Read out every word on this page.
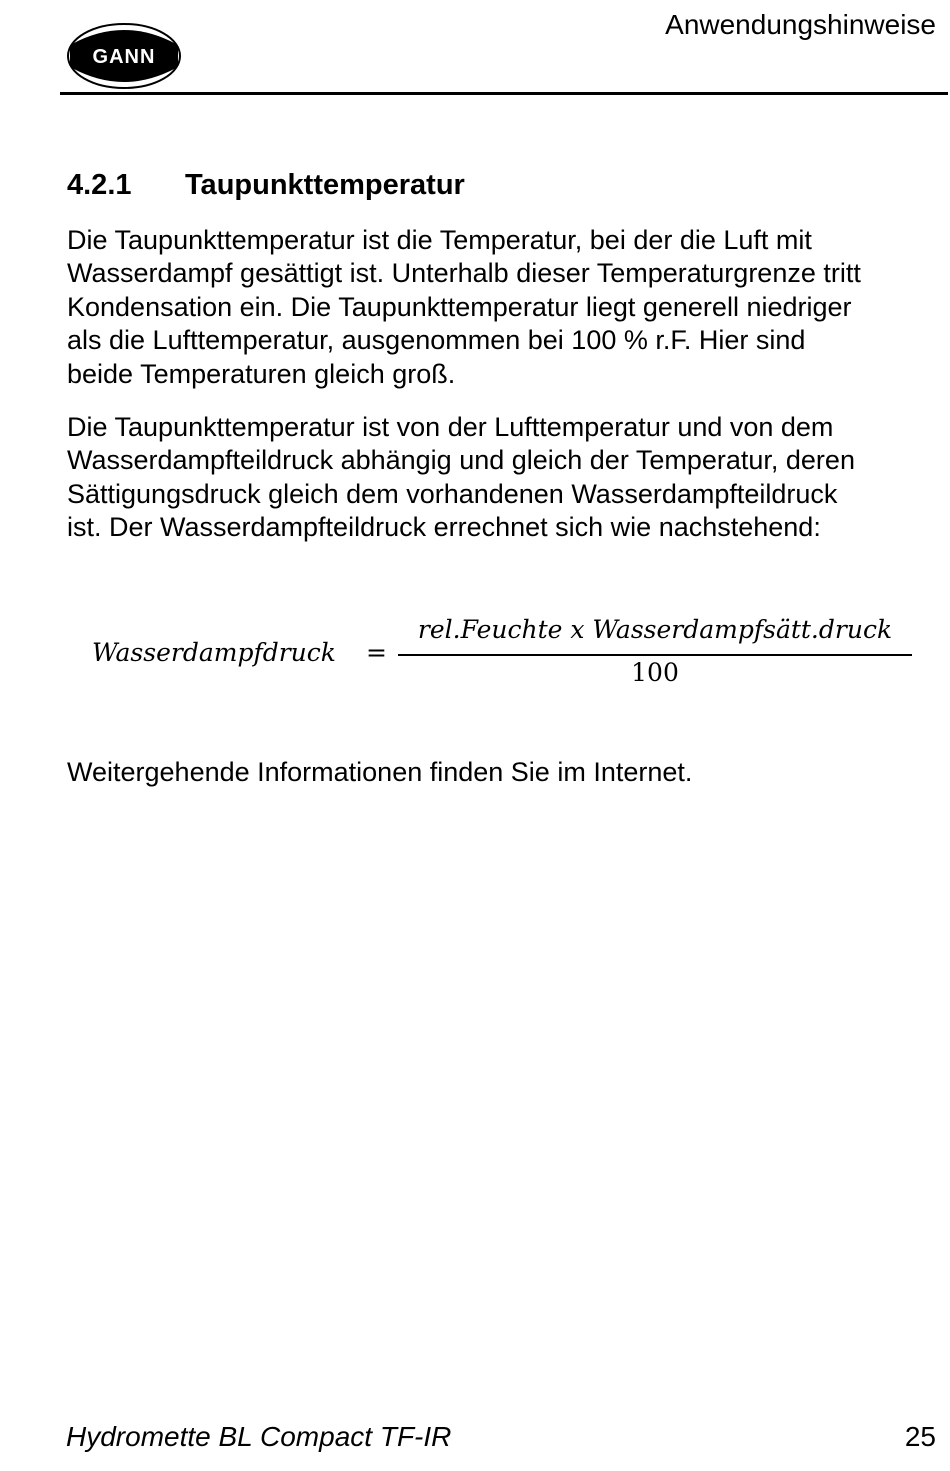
Anwendungshinweise
GANN
4.2.1 Taupunkttemperatur

Die Taupunkttemperatur ist die Temperatur, bei der die Luft mit
Wasserdampf gesättigt ist. Unterhalb dieser Temperaturgrenze tritt
Kondensation ein. Die Taupunkttemperatur liegt generell niedriger
als die Lufttemperatur, ausgenommen bei 100 % r.F. Hier sind
beide Temperaturen gleich groß.

Die Taupunkttemperatur ist von der Lufttemperatur und von dem
Wasserdampfteildruck abhängig und gleich der Temperatur, deren
Sättigungsdruck gleich dem vorhandenen Wasserdampfteildruck
ist. Der Wasserdampfteildruck errechnet sich wie nachstehend:

Wasserdampfdruck =
rel.Feuchte x Wasserdampfsätt.druck
100

Weitergehende Informationen finden Sie im Internet.

Hydromette BL Compact TF-IR	25
